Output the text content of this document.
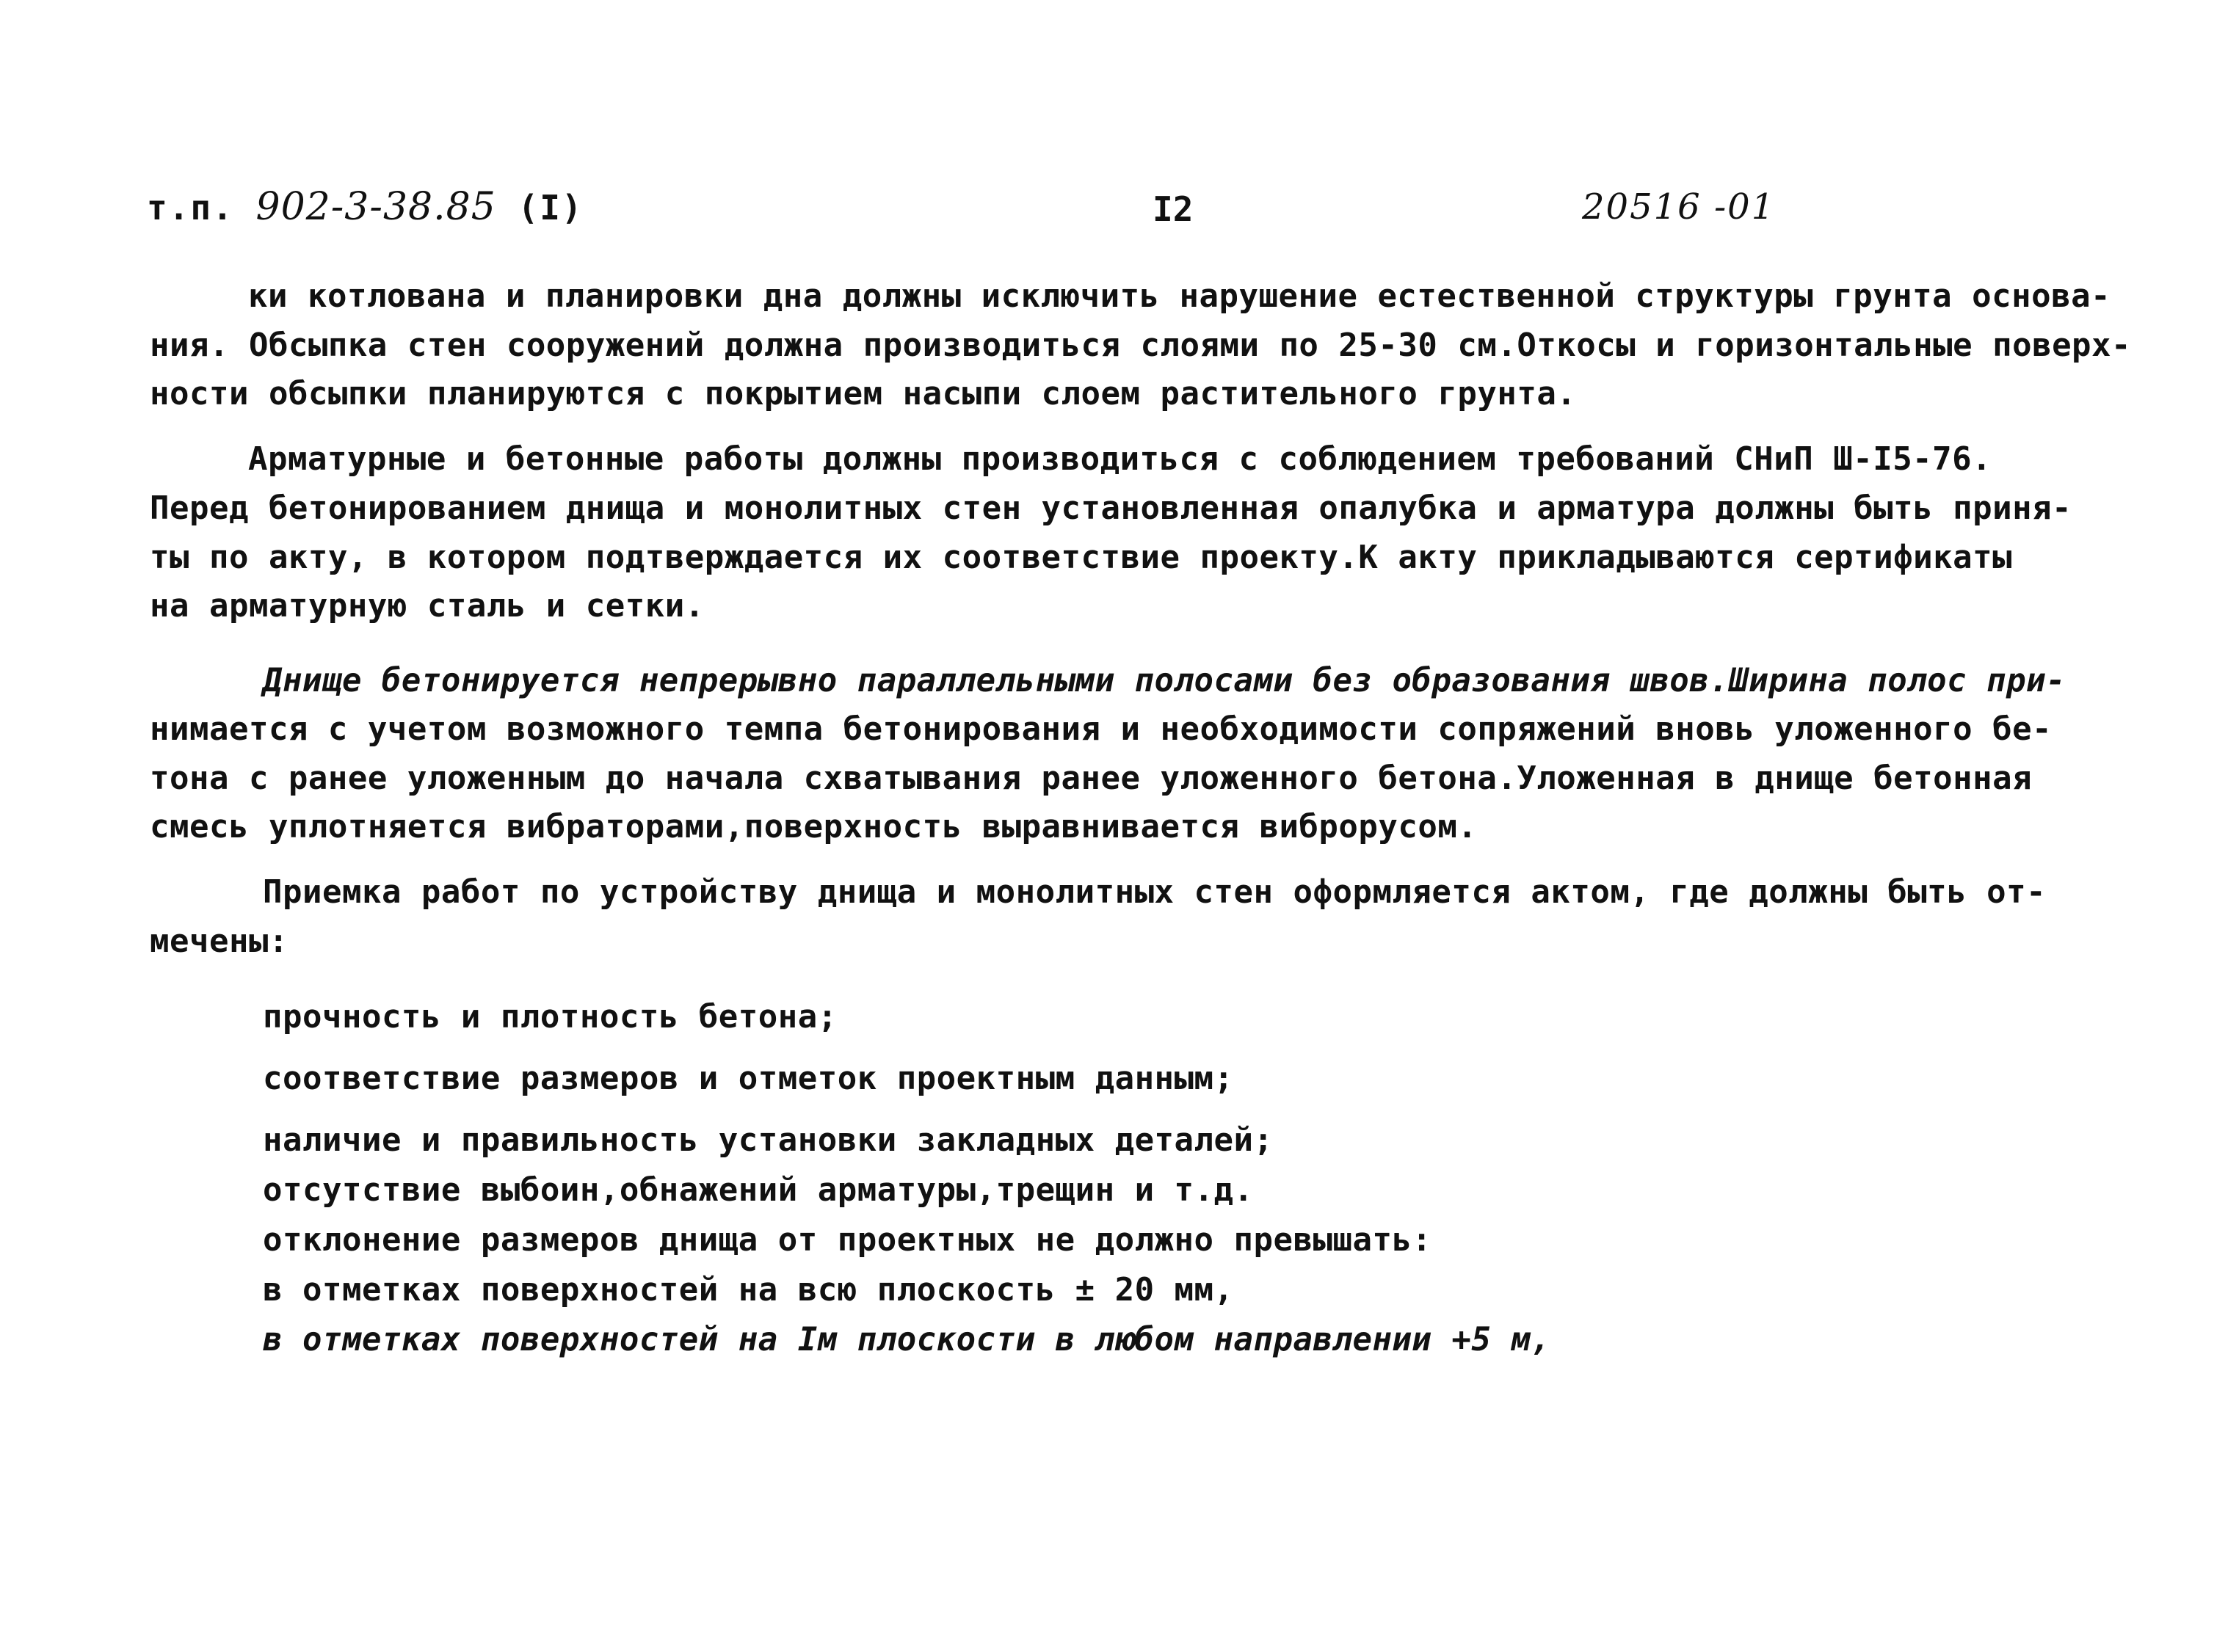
т.п. 902-3-38.85 (I)	I2	20516 -01
ки котлована и планировки дна должны исключить нарушение естественной структуры грунта основа-
ния. Обсыпка стен сооружений должна производиться слоями по 25-30 см.Откосы и горизонтальные поверх-
ности обсыпки планируются с покрытием насыпи слоем растительного грунта.
Арматурные и бетонные работы должны производиться с соблюдением требований СНиП Ш-I5-76.
Перед бетонированием днища и монолитных стен установленная опалубка и арматура должны быть приня-
ты по акту, в котором подтверждается их соответствие проекту.К акту прикладываются сертификаты
на арматурную сталь и сетки.
Днище бетонируется непрерывно параллельными полосами без образования швов.Ширина полос при-
нимается с учетом возможного темпа бетонирования и необходимости сопряжений вновь уложенного бе-
тона с ранее уложенным до начала схватывания ранее уложенного бетона.Уложенная в днище бетонная
смесь уплотняется вибраторами,поверхность выравнивается виброрусом.
Приемка работ по устройству днища и монолитных стен оформляется актом, где должны быть от-
мечены:
прочность и плотность бетона;
соответствие размеров и отметок проектным данным;
наличие и правильность установки закладных деталей;
отсутствие выбоин,обнажений арматуры,трещин и т.д.
отклонение размеров днища от проектных не должно превышать:
в отметках поверхностей на всю плоскость ± 20 мм,
в отметках поверхностей на Iм плоскости в любом направлении +5 м,
